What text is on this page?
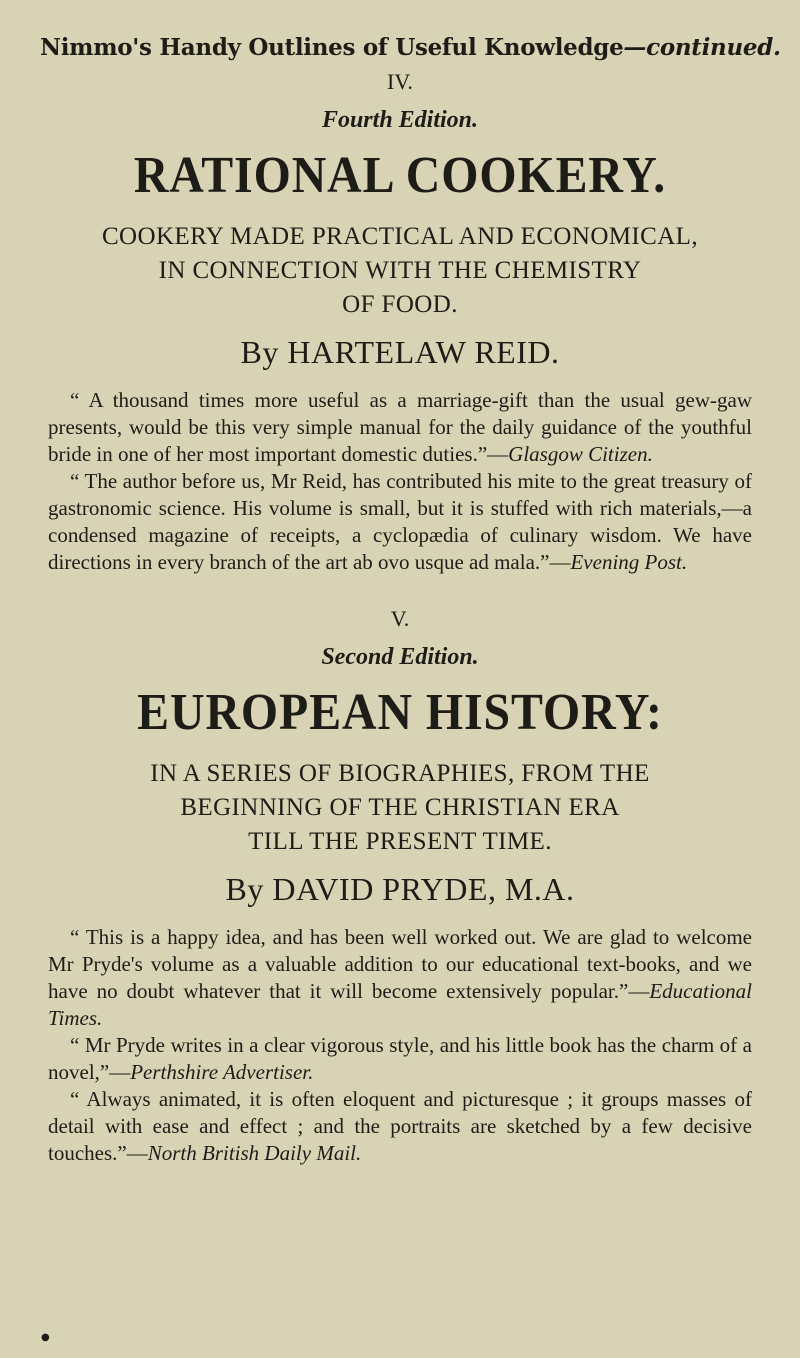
Nimmo's Handy Outlines of Useful Knowledge—continued.
IV.
Fourth Edition.
RATIONAL COOKERY.
COOKERY MADE PRACTICAL AND ECONOMICAL,
IN CONNECTION WITH THE CHEMISTRY
OF FOOD.
By HARTELAW REID.

“ A thousand times more useful as a marriage-gift than the usual gew-gaw presents, would be this very simple manual for the daily guidance of the youthful bride in one of her most important domestic duties.”—Glasgow Citizen.

“ The author before us, Mr Reid, has contributed his mite to the great treasury of gastronomic science. His volume is small, but it is stuffed with rich materials,—a condensed magazine of receipts, a cyclopædia of culinary wisdom. We have directions in every branch of the art ab ovo usque ad mala.”—Evening Post.

V.
Second Edition.
EUROPEAN HISTORY:
IN A SERIES OF BIOGRAPHIES, FROM THE
BEGINNING OF THE CHRISTIAN ERA
TILL THE PRESENT TIME.
By DAVID PRYDE, M.A.

“ This is a happy idea, and has been well worked out. We are glad to welcome Mr Pryde's volume as a valuable addition to our educational text-books, and we have no doubt whatever that it will become extensively popular.”—Educational Times.

“ Mr Pryde writes in a clear vigorous style, and his little book has the charm of a novel,”—Perthshire Advertiser.

“ Always animated, it is often eloquent and picturesque ; it groups masses of detail with ease and effect ; and the portraits are sketched by a few decisive touches.”—North British Daily Mail.

●
